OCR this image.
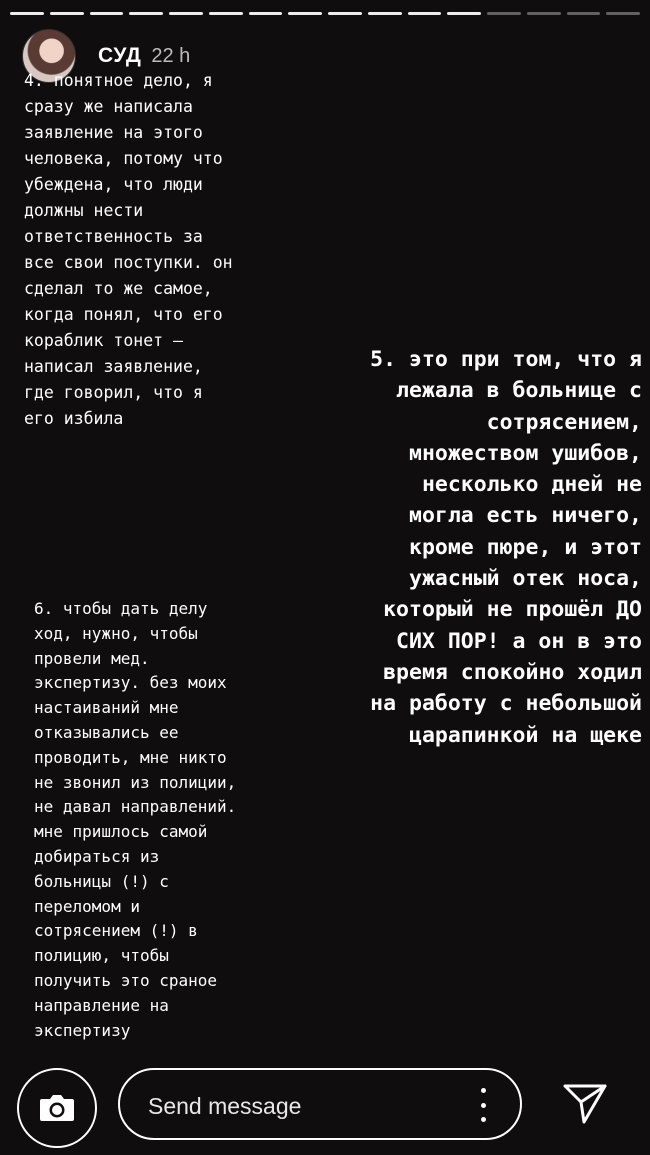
СУД 22 h
4. понятное дело, я
сразу же написала
заявление на этого
человека, потому что
убеждена, что люди
должны нести
ответственность за
все свои поступки. он
сделал то же самое,
когда понял, что его
кораблик тонет —
написал заявление,
где говорил, что я
его избила
5. это при том, что я
лежала в больнице с
сотрясением,
множеством ушибов,
несколько дней не
могла есть ничего,
кроме пюре, и этот
ужасный отек носа,
который не прошёл ДО
СИХ ПОР! а он в это
время спокойно ходил
на работу с небольшой
царапинкой на щеке
6. чтобы дать делу
ход, нужно, чтобы
провели мед.
экспертизу. без моих
настаиваний мне
отказывались ее
проводить, мне никто
не звонил из полиции,
не давал направлений.
мне пришлось самой
добираться из
больницы (!) с
переломом и
сотрясением (!) в
полицию, чтобы
получить это сраное
направление на
экспертизу
Send message
